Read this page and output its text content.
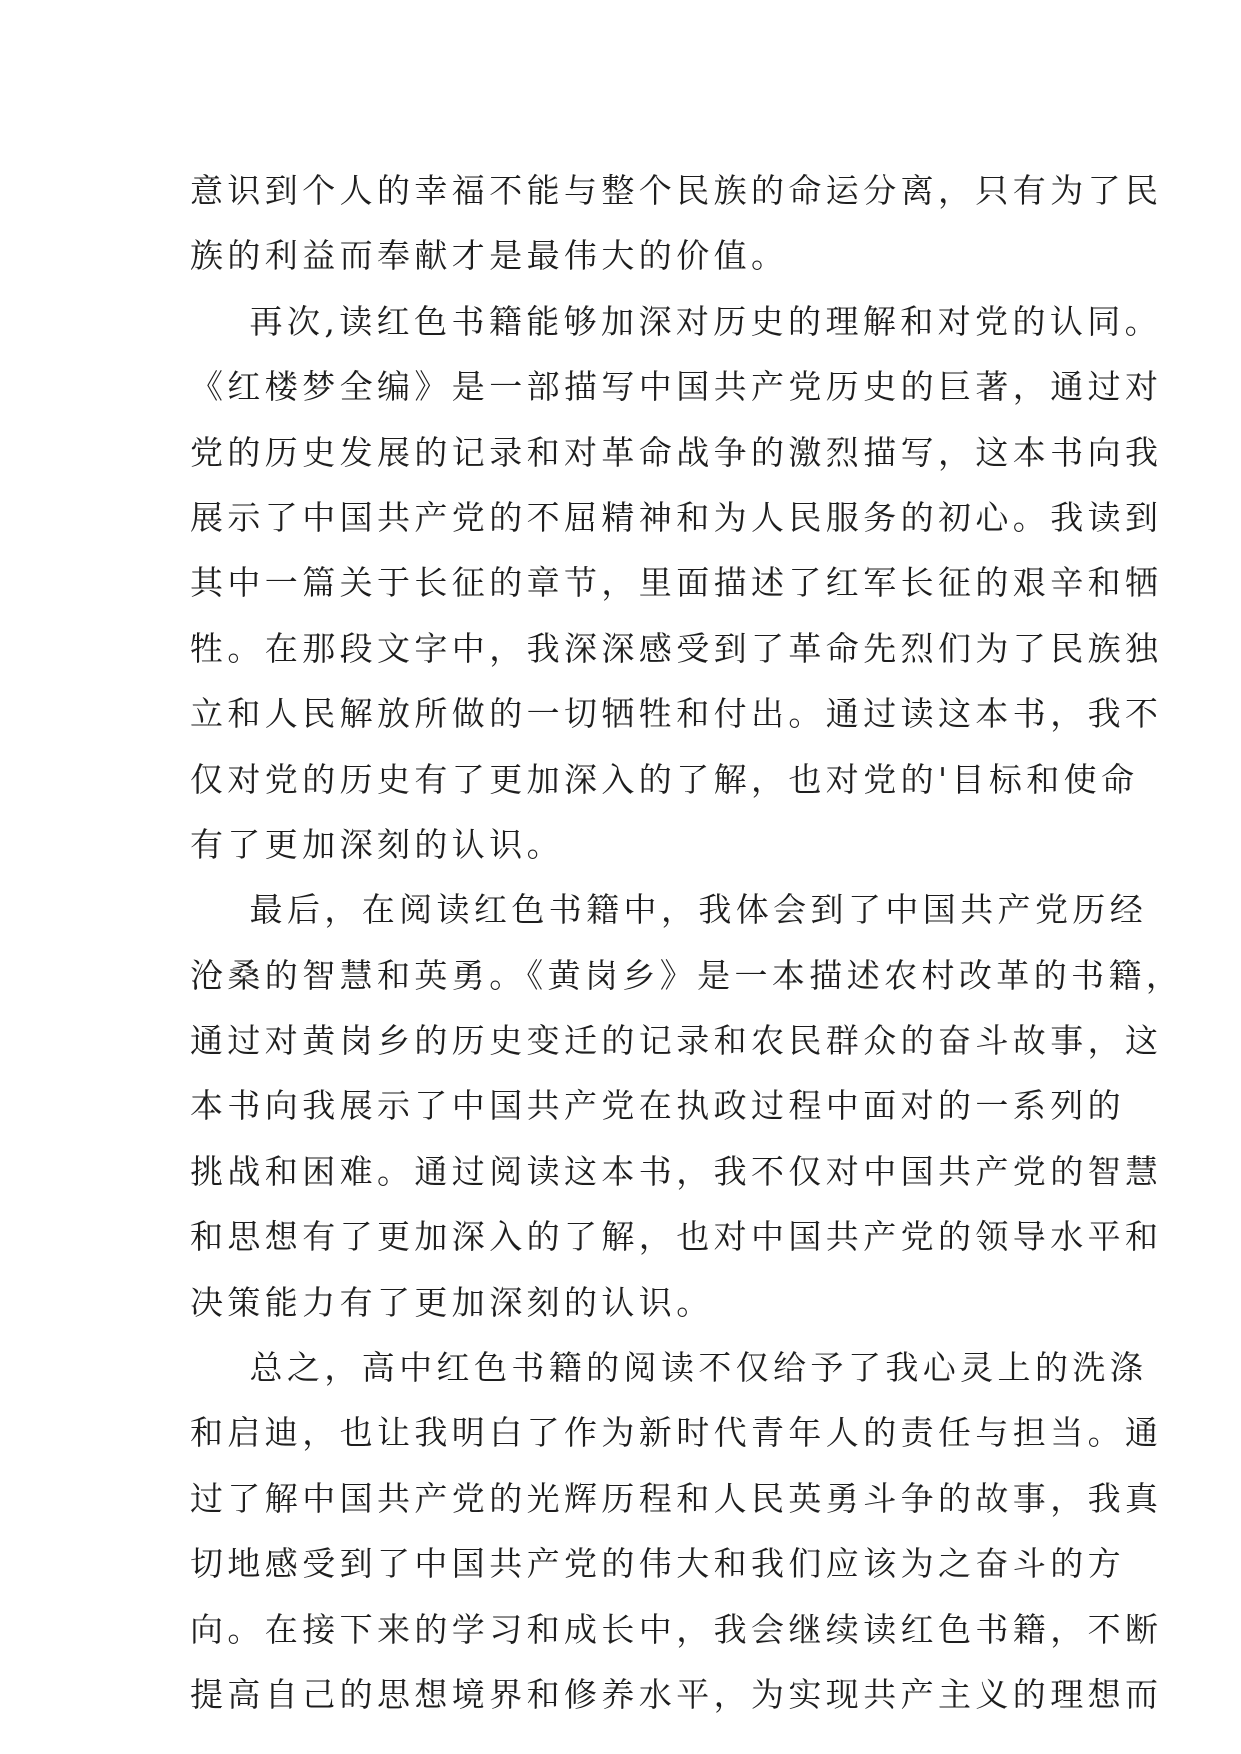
意识到个人的幸福不能与整个民族的命运分离，只有为了民
族的利益而奉献才是最伟大的价值。
再次,读红色书籍能够加深对历史的理解和对党的认同。
《红楼梦全编》是一部描写中国共产党历史的巨著，通过对
党的历史发展的记录和对革命战争的激烈描写，这本书向我
展示了中国共产党的不屈精神和为人民服务的初心。我读到
其中一篇关于长征的章节，里面描述了红军长征的艰辛和牺
牲。在那段文字中，我深深感受到了革命先烈们为了民族独
立和人民解放所做的一切牺牲和付出。通过读这本书，我不
仅对党的历史有了更加深入的了解，也对党的'目标和使命
有了更加深刻的认识。
最后，在阅读红色书籍中，我体会到了中国共产党历经
沧桑的智慧和英勇。《黄岗乡》是一本描述农村改革的书籍，
通过对黄岗乡的历史变迁的记录和农民群众的奋斗故事，这
本书向我展示了中国共产党在执政过程中面对的一系列的
挑战和困难。通过阅读这本书，我不仅对中国共产党的智慧
和思想有了更加深入的了解，也对中国共产党的领导水平和
决策能力有了更加深刻的认识。
总之，高中红色书籍的阅读不仅给予了我心灵上的洗涤
和启迪，也让我明白了作为新时代青年人的责任与担当。通
过了解中国共产党的光辉历程和人民英勇斗争的故事，我真
切地感受到了中国共产党的伟大和我们应该为之奋斗的方
向。在接下来的学习和成长中，我会继续读红色书籍，不断
提高自己的思想境界和修养水平，为实现共产主义的理想而
